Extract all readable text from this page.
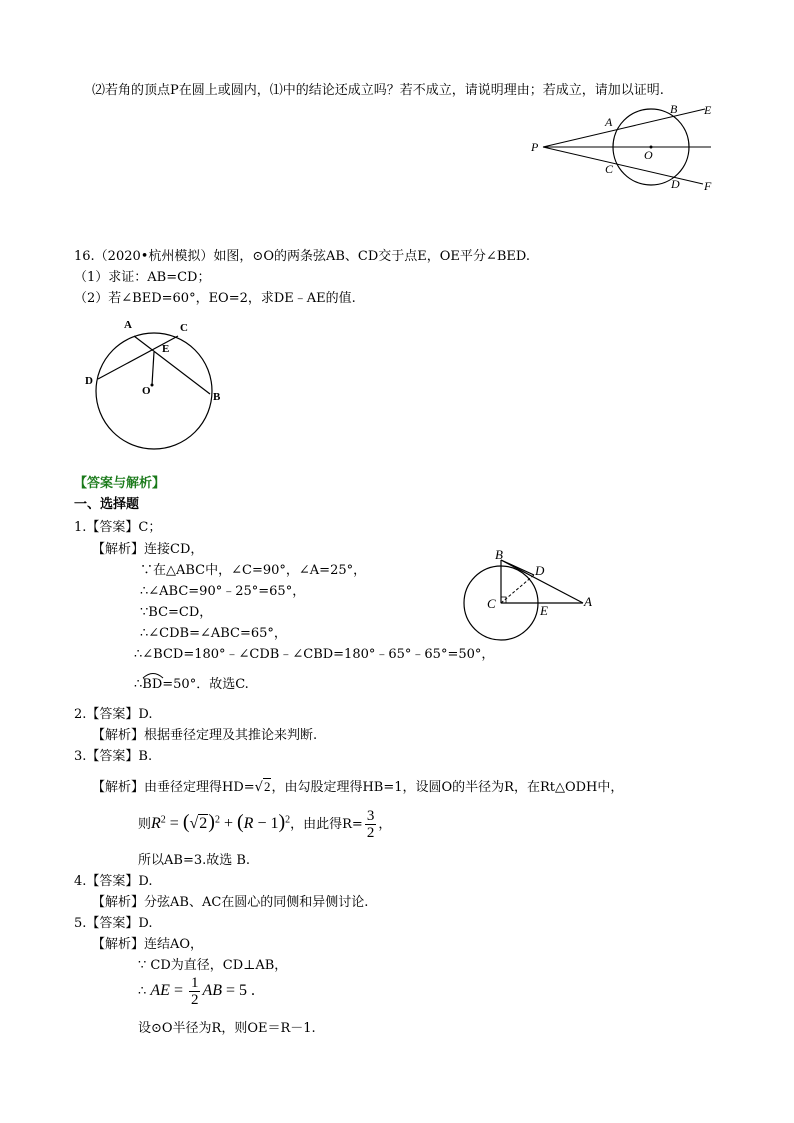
⑵若角的顶点P在圆上或圆内，⑴中的结论还成立吗？若不成立，请说明理由；若成立，请加以证明.
P
A
B E
O
C
D F
16.（2020•杭州模拟）如图，⊙O的两条弦AB、CD交于点E，OE平分∠BED.
（1）求证：AB=CD；
（2）若∠BED=60°，EO=2，求DE﹣AE的值.
A	C
E
D
O	B
【答案与解析】
一、选择题
1.【答案】C；
【解析】连接CD，
∵在△ABC中，∠C=90°，∠A=25°，
∴∠ABC=90°﹣25°=65°，
∵BC=CD，
∴∠CDB=∠ABC=65°，
∴∠BCD=180°﹣∠CDB﹣∠CBD=180°﹣65°﹣65°=50°，
∴
BD=50°．故选C.
B
D
C	E
A
2.【答案】D.
【解析】根据垂径定理及其推论来判断.
3.【答案】B.
【解析】由垂径定理得HD=√2，由勾股定理得HB=1，设圆O的半径为R，在Rt△ODH中，
则$R^2 = (√2)^2 + (R - 1)^2$，由此得$R= \frac{3}{2}$ ，
所以AB=3.故选 B.
4.【答案】D.
【解析】分弦AB、AC在圆心的同侧和异侧讨论.
5.【答案】D.
【解析】连结AO，
∵ CD为直径，CD⊥AB，
∴ AE = $\frac{1}{2}$ AB = 5 .
设⊙O半径为R，则OE＝R－1.
